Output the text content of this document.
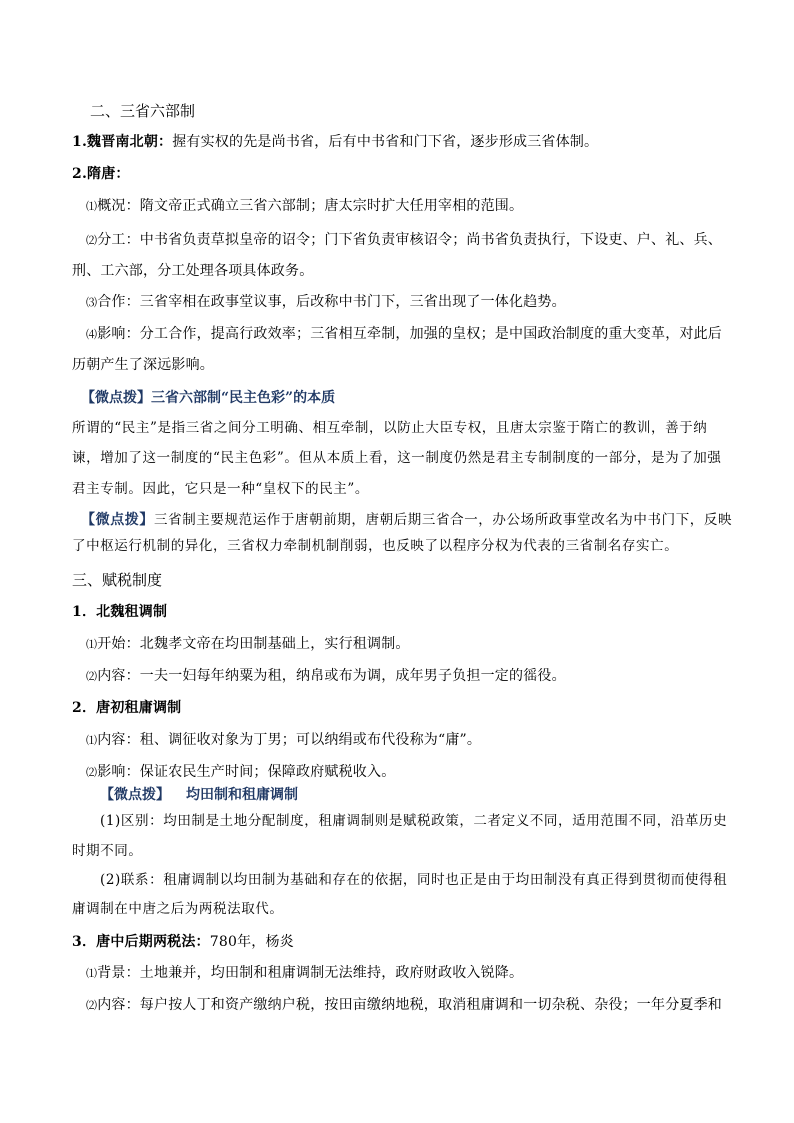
二、三省六部制
1.魏晋南北朝：握有实权的先是尚书省，后有中书省和门下省，逐步形成三省体制。
2.隋唐：
⑴概况：隋文帝正式确立三省六部制；唐太宗时扩大任用宰相的范围。
⑵分工：中书省负责草拟皇帝的诏令；门下省负责审核诏令；尚书省负责执行，下设吏、户、礼、兵、
刑、工六部，分工处理各项具体政务。
⑶合作：三省宰相在政事堂议事，后改称中书门下，三省出现了一体化趋势。
⑷影响：分工合作，提高行政效率；三省相互牵制，加强的皇权；是中国政治制度的重大变革，对此后
历朝产生了深远影响。
【微点拨】三省六部制“民主色彩”的本质
所谓的“民主”是指三省之间分工明确、相互牵制，以防止大臣专权，且唐太宗鉴于隋亡的教训，善于纳
谏，增加了这一制度的“民主色彩”。但从本质上看，这一制度仍然是君主专制制度的一部分，是为了加强
君主专制。因此，它只是一种“皇权下的民主”。
【微点拨】三省制主要规范运作于唐朝前期，唐朝后期三省合一，办公场所政事堂改名为中书门下，反映
了中枢运行机制的异化，三省权力牵制机制削弱，也反映了以程序分权为代表的三省制名存实亡。
三、赋税制度
1．北魏租调制
⑴开始：北魏孝文帝在均田制基础上，实行租调制。
⑵内容：一夫一妇每年纳粟为租，纳帛或布为调，成年男子负担一定的徭役。
2．唐初租庸调制
⑴内容：租、调征收对象为丁男；可以纳绢或布代役称为“庸”。
⑵影响：保证农民生产时间；保障政府赋税收入。
【微点拨】 均田制和租庸调制
(1)区别：均田制是土地分配制度，租庸调制则是赋税政策，二者定义不同，适用范围不同，沿革历史
时期不同。
(2)联系：租庸调制以均田制为基础和存在的依据，同时也正是由于均田制没有真正得到贯彻而使得租
庸调制在中唐之后为两税法取代。
3．唐中后期两税法：780年，杨炎
⑴背景：土地兼并，均田制和租庸调制无法维持，政府财政收入锐降。
⑵内容：每户按人丁和资产缴纳户税，按田亩缴纳地税，取消租庸调和一切杂税、杂役；一年分夏季和
